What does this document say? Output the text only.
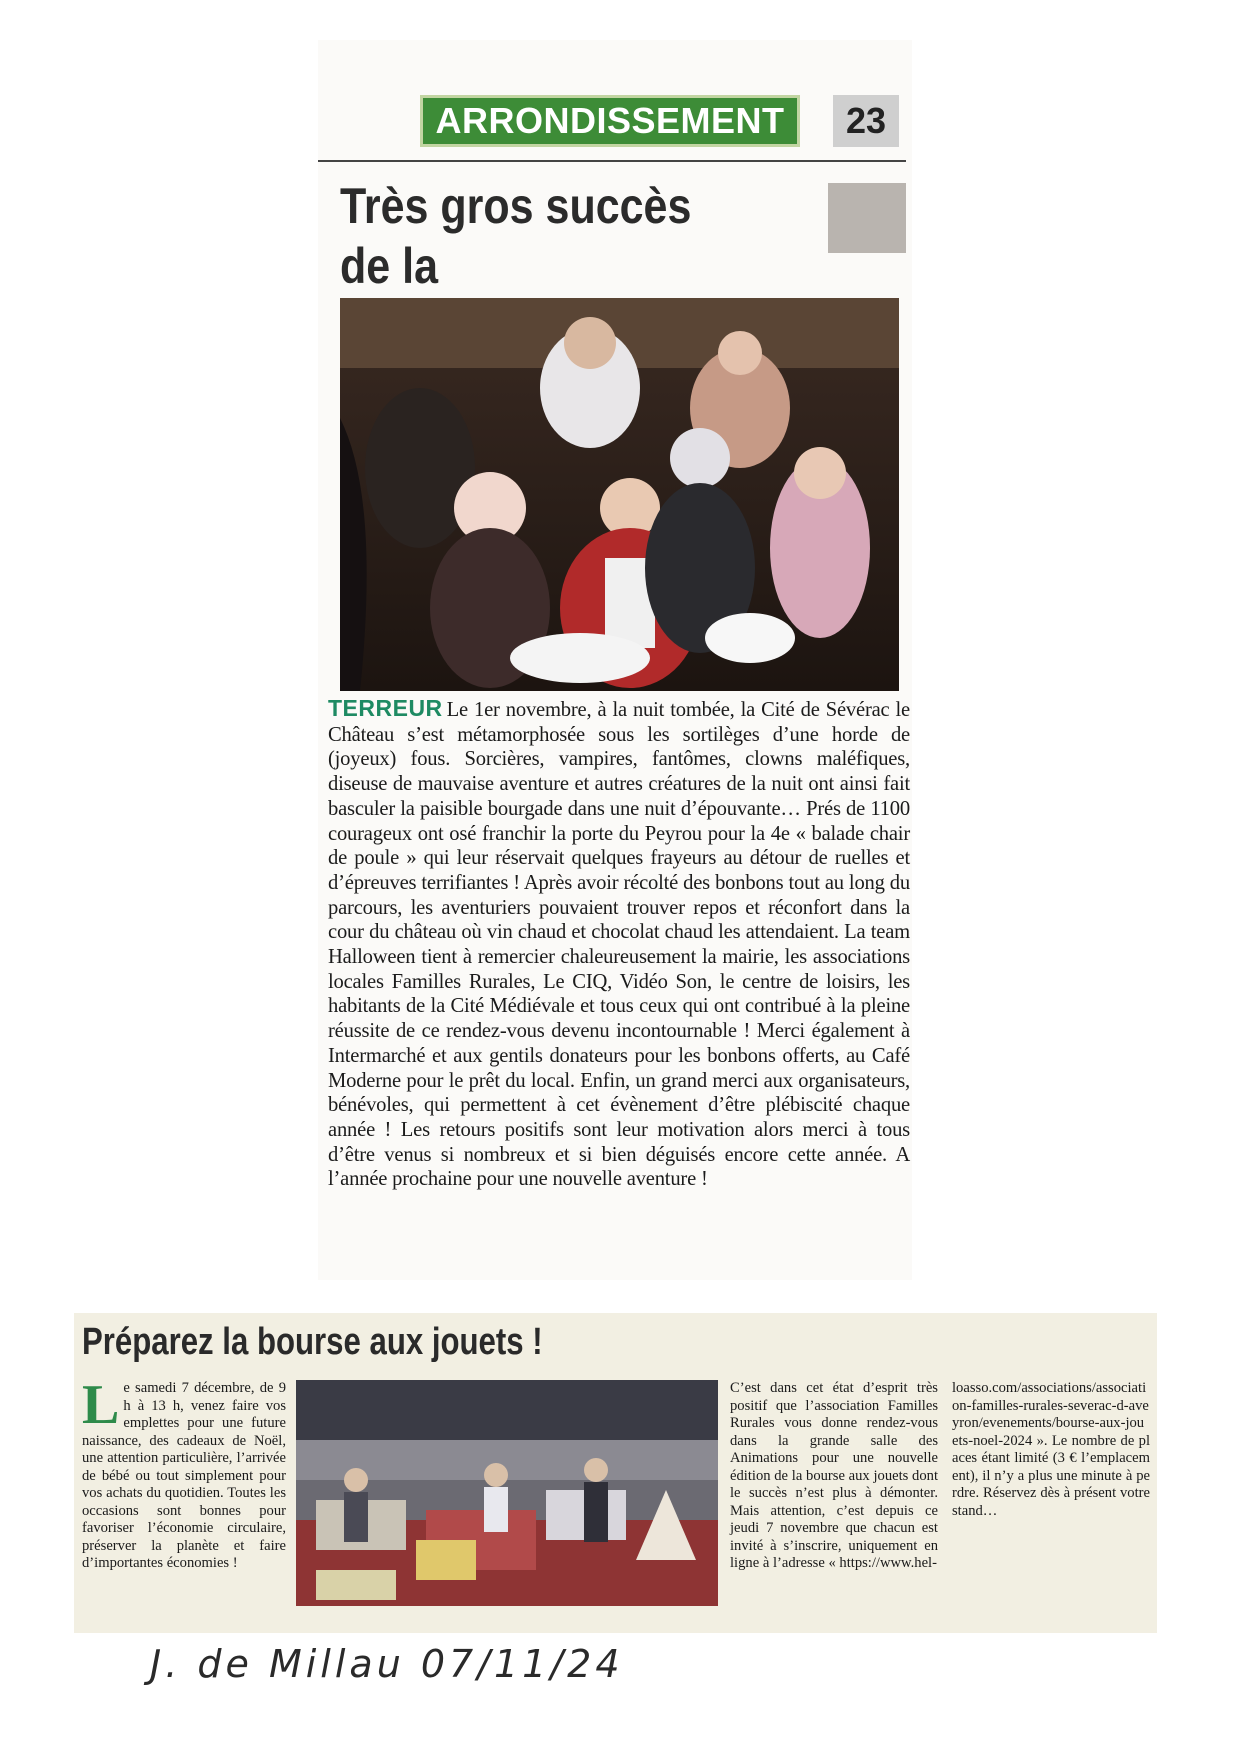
ARRONDISSEMENT	23
Très gros succès de la
TERREUR Le 1er novembre, à la nuit tombée, la Cité de Sévérac le Château s’est métamorphosée sous les sortilèges d’une horde de (joyeux) fous. Sorcières, vampires, fantômes, clowns maléfiques, diseuse de mauvaise aventure et autres créatures de la nuit ont ainsi fait basculer la paisible bourgade dans une nuit d’épouvante… Prés de 1100 courageux ont osé franchir la porte du Peyrou pour la 4e « balade chair de poule » qui leur réservait quelques frayeurs au détour de ruelles et d’épreuves terrifiantes ! Après avoir récolté des bonbons tout au long du parcours, les aventuriers pouvaient trouver repos et réconfort dans la cour du château où vin chaud et chocolat chaud les attendaient. La team Halloween tient à remercier chaleureusement la mairie, les associations locales Familles Rurales, Le CIQ, Vidéo Son, le centre de loisirs, les habitants de la Cité Médiévale et tous ceux qui ont contribué à la pleine réussite de ce rendez-vous devenu incontournable ! Merci également à Intermarché et aux gentils donateurs pour les bonbons offerts, au Café Moderne pour le prêt du local. Enfin, un grand merci aux organisateurs, bénévoles, qui permettent à cet évènement d’être plébiscité chaque année ! Les retours positifs sont leur motivation alors merci à tous d’être venus si nombreux et si bien déguisés encore cette année. A l’année prochaine pour une nouvelle aventure !
Préparez la bourse aux jouets !
Le samedi 7 décembre, de 9 h à 13 h, venez faire vos emplettes pour une future naissance, des cadeaux de Noël, une attention particulière, l’arrivée de bébé ou tout simplement pour vos achats du quotidien. Toutes les occasions sont bonnes pour favoriser l’économie circulaire, préserver la planète et faire d’importantes économies !
C’est dans cet état d’esprit très positif que l’association Familles Rurales vous donne rendez-vous dans la grande salle des Animations pour une nouvelle édition de la bourse aux jouets dont le succès n’est plus à démonter. Mais attention, c’est depuis ce jeudi 7 novembre que chacun est invité à s’inscrire, uniquement en ligne à l’adresse « https://www.hel-
loasso.com/associations/association-familles-rurales-severac-d-aveyron/evenements/bourse-aux-jouets-noel-2024 ». Le nombre de places étant limité (3 € l’emplacement), il n’y a plus une minute à perdre. Réservez dès à présent votre stand…
J. de Millau 07/11/24
